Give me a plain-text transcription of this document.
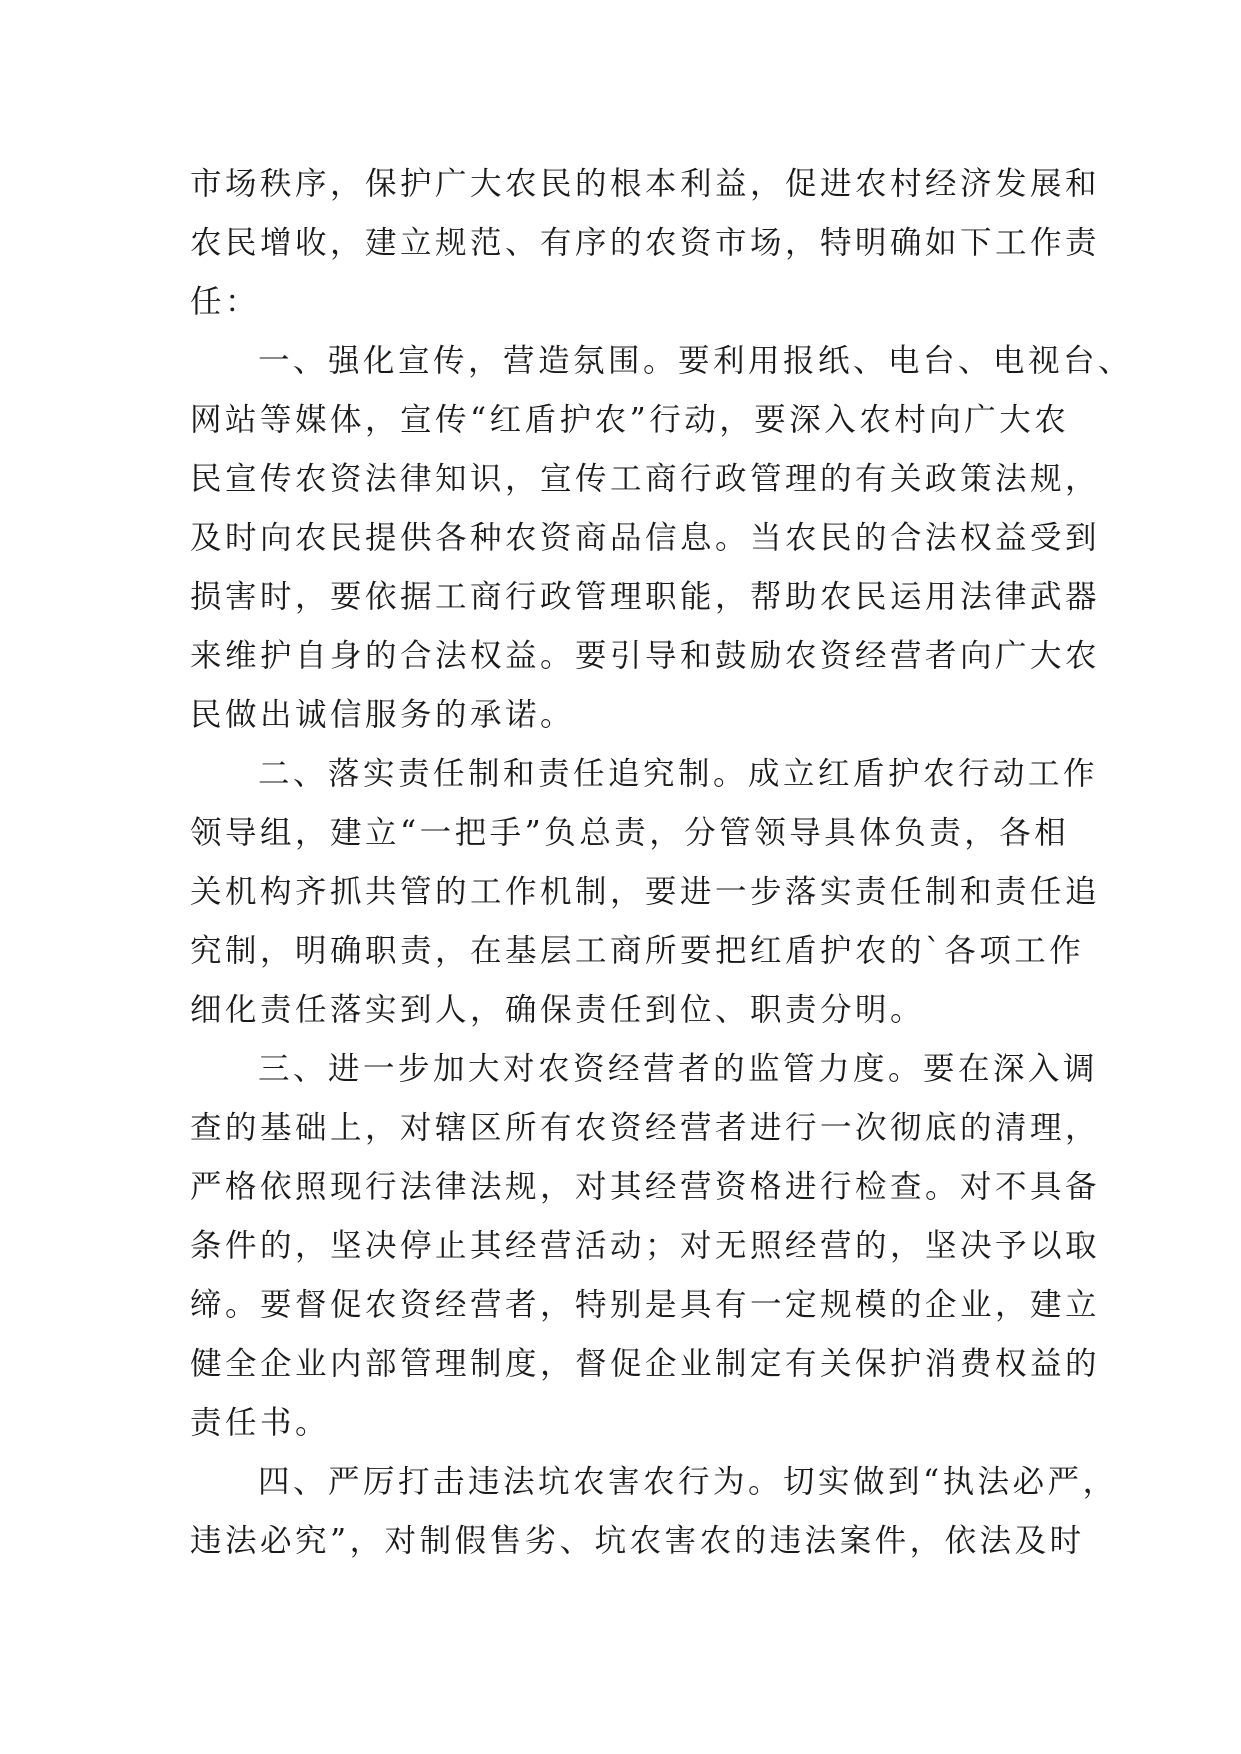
市场秩序，保护广大农民的根本利益，促进农村经济发展和
农民增收，建立规范、有序的农资市场，特明确如下工作责
任：
一、强化宣传，营造氛围。要利用报纸、电台、电视台、
网站等媒体，宣传“红盾护农”行动，要深入农村向广大农
民宣传农资法律知识，宣传工商行政管理的有关政策法规，
及时向农民提供各种农资商品信息。当农民的合法权益受到
损害时，要依据工商行政管理职能，帮助农民运用法律武器
来维护自身的合法权益。要引导和鼓励农资经营者向广大农
民做出诚信服务的承诺。
二、落实责任制和责任追究制。成立红盾护农行动工作
领导组，建立“一把手”负总责，分管领导具体负责，各相
关机构齐抓共管的工作机制，要进一步落实责任制和责任追
究制，明确职责，在基层工商所要把红盾护农的`各项工作
细化责任落实到人，确保责任到位、职责分明。
三、进一步加大对农资经营者的监管力度。要在深入调
查的基础上，对辖区所有农资经营者进行一次彻底的清理，
严格依照现行法律法规，对其经营资格进行检查。对不具备
条件的，坚决停止其经营活动；对无照经营的，坚决予以取
缔。要督促农资经营者，特别是具有一定规模的企业，建立
健全企业内部管理制度，督促企业制定有关保护消费权益的
责任书。
四、严厉打击违法坑农害农行为。切实做到“执法必严，
违法必究”，对制假售劣、坑农害农的违法案件，依法及时
